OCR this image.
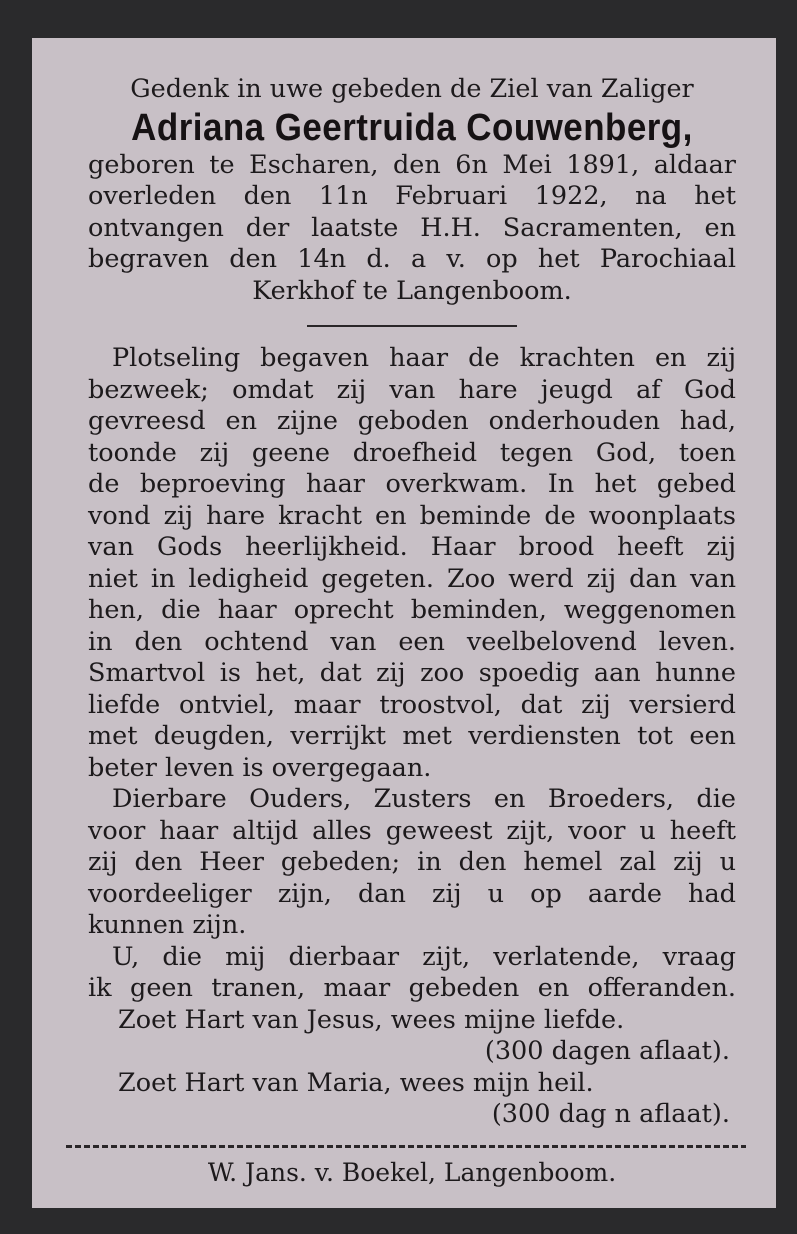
Gedenk in uwe gebeden de Ziel van Zaliger
Adriana Geertruida Couwenberg,
geboren te Escharen, den 6n Mei 1891, aldaar
overleden den 11n Februari 1922, na het
ontvangen der laatste H.H. Sacramenten, en
begraven den 14n d. a v. op het Parochiaal
Kerkhof te Langenboom.
Plotseling begaven haar de krachten en zij
bezweek; omdat zij van hare jeugd af God
gevreesd en zijne geboden onderhouden had,
toonde zij geene droefheid tegen God, toen
de beproeving haar overkwam. In het gebed
vond zij hare kracht en beminde de woonplaats
van Gods heerlijkheid. Haar brood heeft zij
niet in ledigheid gegeten. Zoo werd zij dan van
hen, die haar oprecht beminden, weggenomen
in den ochtend van een veelbelovend leven.
Smartvol is het, dat zij zoo spoedig aan hunne
liefde ontviel, maar troostvol, dat zij versierd
met deugden, verrijkt met verdiensten tot een
beter leven is overgegaan.
Dierbare Ouders, Zusters en Broeders, die
voor haar altijd alles geweest zijt, voor u heeft
zij den Heer gebeden; in den hemel zal zij u
voordeeliger zijn, dan zij u op aarde had
kunnen zijn.
U, die mij dierbaar zijt, verlatende, vraag
ik geen tranen, maar gebeden en offeranden.
Zoet Hart van Jesus, wees mijne liefde.
(300 dagen aflaat).
Zoet Hart van Maria, wees mijn heil.
(300 dag n aflaat).
W. Jans. v. Boekel, Langenboom.
